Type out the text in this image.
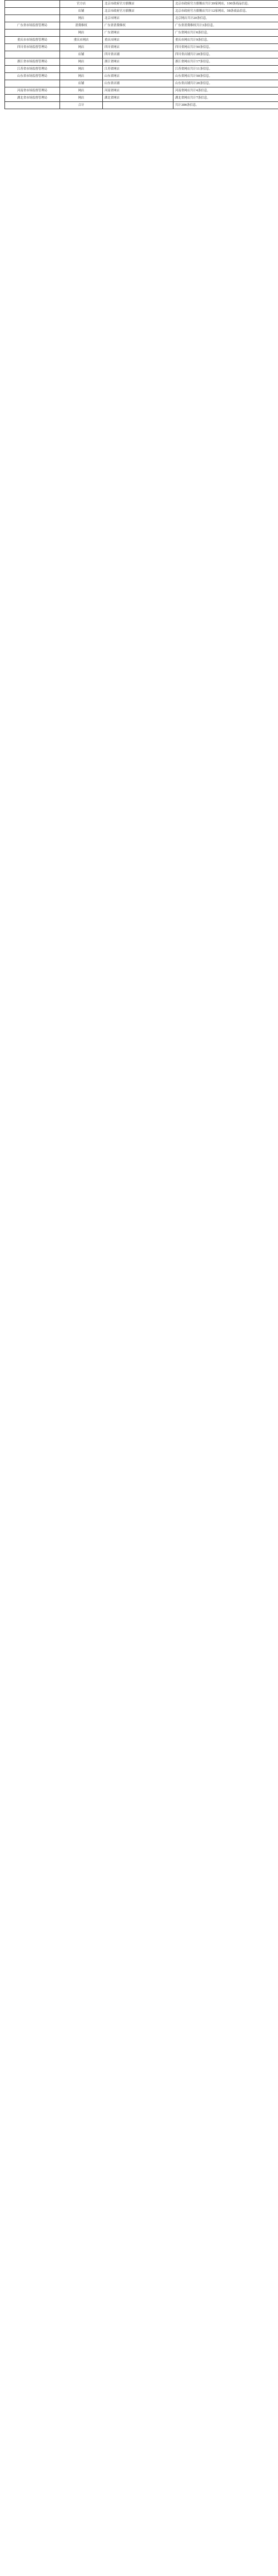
	官方店	北京市政府官方旗舰店	北京市政府官方旗舰店共计39家网店，100条商品信息。
	店铺	北京市政府官方旗舰店	北京市政府官方旗舰店共计12家网店，58条商品信息。
	网店	北京市网店	北京网店共计20条信息。
广东省市场监督管理局	消费维权	广东省消费维权	广东省消费维权共计3条信息。
	网店	广东省网店	广东省网店共计6条信息。
重庆市市场监督管理局	重庆市网店	重庆市网店	重庆市网店共计9条信息。
四川省市场监督管理局	网店	四川省网店	四川省网店共计50条信息。
	店铺	四川省店铺	四川省店铺共计28条信息。
浙江省市场监督管理局	网店	浙江省网店	浙江省网店共计17条信息。
江苏省市场监督管理局	网店	江苏省网店	江苏省网店共计11条信息。
山东省市场监督管理局	网店	山东省网店	山东省网店共计58条信息。
	店铺	山东省店铺	山东省店铺共计26条信息。
河南省市场监督管理局	网店	河南省网店	河南省网店共计4条信息。
湖北省市场监督管理局	网店	湖北省网店	湖北省网店共计7条信息。
	合计		共计386条信息。
